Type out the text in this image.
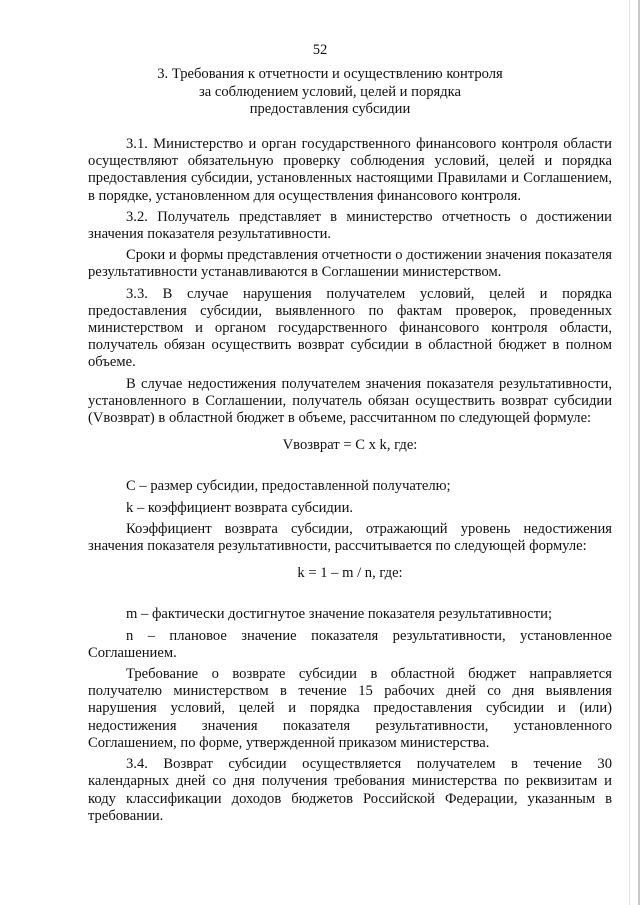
52
3. Требования к отчетности и осуществлению контроля
за соблюдением условий, целей и порядка
предоставления субсидии

3.1. Министерство и орган государственного финансового контроля области осуществляют обязательную проверку соблюдения условий, целей и порядка предоставления субсидии, установленных настоящими Правилами и Соглашением, в порядке, установленном для осуществления финансового контроля.

3.2. Получатель представляет в министерство отчетность о достижении значения показателя результативности.

Сроки и формы представления отчетности о достижении значения показателя результативности устанавливаются в Соглашении министерством.

3.3. В случае нарушения получателем условий, целей и порядка предоставления субсидии, выявленного по фактам проверок, проведенных министерством и органом государственного финансового контроля области, получатель обязан осуществить возврат субсидии в областной бюджет в полном объеме.

В случае недостижения получателем значения показателя результативности, установленного в Соглашении, получатель обязан осуществить возврат субсидии (Vвозврат) в областной бюджет в объеме, рассчитанном по следующей формуле:

Vвозврат = C x k, где:

C – размер субсидии, предоставленной получателю;

k – коэффициент возврата субсидии.

Коэффициент возврата субсидии, отражающий уровень недостижения значения показателя результативности, рассчитывается по следующей формуле:

k = 1 – m / n, где:

m – фактически достигнутое значение показателя результативности;

n – плановое значение показателя результативности, установленное Соглашением.

Требование о возврате субсидии в областной бюджет направляется получателю министерством в течение 15 рабочих дней со дня выявления нарушения условий, целей и порядка предоставления субсидии и (или) недостижения значения показателя результативности, установленного Соглашением, по форме, утвержденной приказом министерства.

3.4. Возврат субсидии осуществляется получателем в течение 30 календарных дней со дня получения требования министерства по реквизитам и коду классификации доходов бюджетов Российской Федерации, указанным в требовании.
